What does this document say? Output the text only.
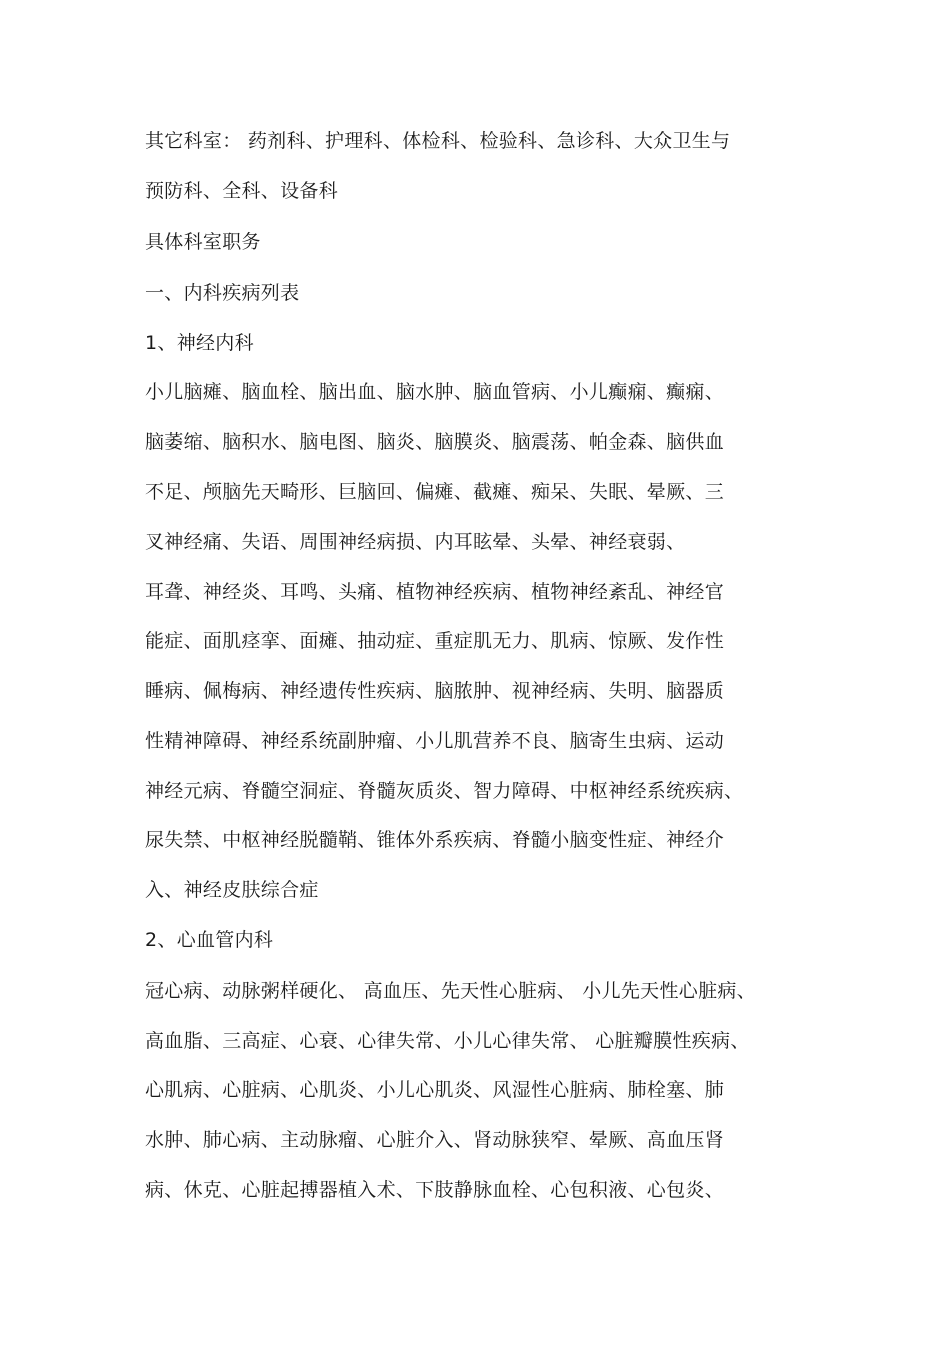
其它科室： 药剂科、护理科、体检科、检验科、急诊科、大众卫生与
预防科、全科、设备科
具体科室职务
一、内科疾病列表
1、神经内科
小儿脑瘫、脑血栓、脑出血、脑水肿、脑血管病、小儿癫痫、癫痫、
脑萎缩、脑积水、脑电图、脑炎、脑膜炎、脑震荡、帕金森、脑供血
不足、颅脑先天畸形、巨脑回、偏瘫、截瘫、痴呆、失眠、晕厥、三
叉神经痛、失语、周围神经病损、内耳眩晕、头晕、神经衰弱、
耳聋、神经炎、耳鸣、头痛、植物神经疾病、植物神经紊乱、神经官
能症、面肌痉挛、面瘫、抽动症、重症肌无力、肌病、惊厥、发作性
睡病、佩梅病、神经遗传性疾病、脑脓肿、视神经病、失明、脑器质
性精神障碍、神经系统副肿瘤、小儿肌营养不良、脑寄生虫病、运动
神经元病、脊髓空洞症、脊髓灰质炎、智力障碍、中枢神经系统疾病、
尿失禁、中枢神经脱髓鞘、锥体外系疾病、脊髓小脑变性症、神经介
入、神经皮肤综合症
2、心血管内科
冠心病、动脉粥样硬化、 高血压、先天性心脏病、 小儿先天性心脏病、
高血脂、三高症、心衰、心律失常、小儿心律失常、 心脏瓣膜性疾病、
心肌病、心脏病、心肌炎、小儿心肌炎、风湿性心脏病、肺栓塞、肺
水肿、肺心病、主动脉瘤、心脏介入、肾动脉狭窄、晕厥、高血压肾
病、休克、心脏起搏器植入术、下肢静脉血栓、心包积液、心包炎、
